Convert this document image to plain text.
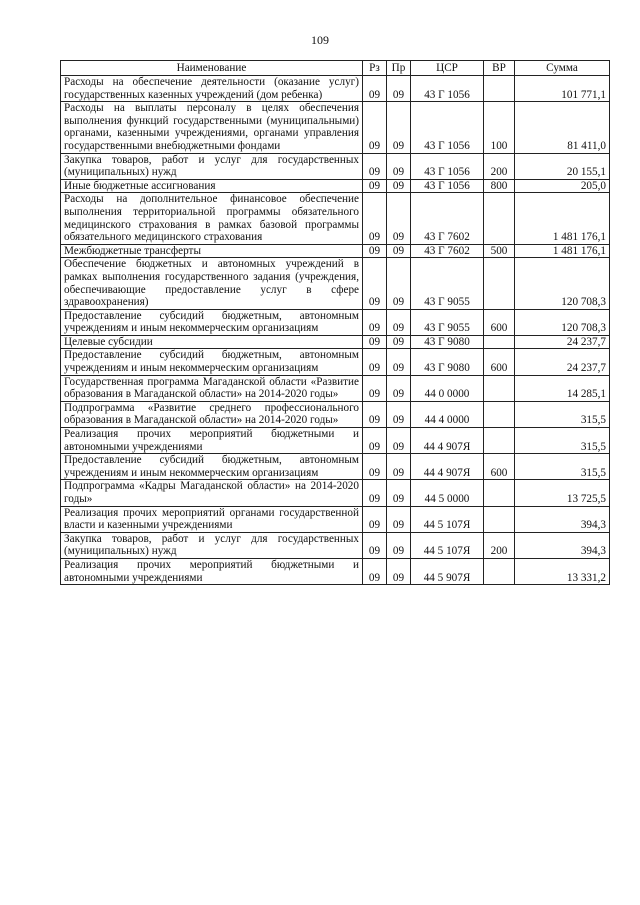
109
Наименование	Рз	Пр	ЦСР	ВР	Сумма
Расходы на обеспечение деятельности (оказание услуг) государственных казенных учреждений (дом ребенка)	09	09	43 Г 1056		101 771,1
Расходы на выплаты персоналу в целях обеспечения выполнения функций государственными (муниципальными) органами, казенными учреждениями, органами управления государственными внебюджетными фондами	09	09	43 Г 1056	100	81 411,0
Закупка товаров, работ и услуг для государственных (муниципальных) нужд	09	09	43 Г 1056	200	20 155,1
Иные бюджетные ассигнования	09	09	43 Г 1056	800	205,0
Расходы на дополнительное финансовое обеспечение выполнения территориальной программы обязательного медицинского страхования в рамках базовой программы обязательного медицинского страхования	09	09	43 Г 7602		1 481 176,1
Межбюджетные трансферты	09	09	43 Г 7602	500	1 481 176,1
Обеспечение бюджетных и автономных учреждений в рамках выполнения государственного задания (учреждения, обеспечивающие предоставление услуг в сфере здравоохранения)	09	09	43 Г 9055		120 708,3
Предоставление субсидий бюджетным, автономным учреждениям и иным некоммерческим организациям	09	09	43 Г 9055	600	120 708,3
Целевые субсидии	09	09	43 Г 9080		24 237,7
Предоставление субсидий бюджетным, автономным учреждениям и иным некоммерческим организациям	09	09	43 Г 9080	600	24 237,7
Государственная программа Магаданской области «Развитие образования в Магаданской области» на 2014-2020 годы»	09	09	44 0 0000		14 285,1
Подпрограмма «Развитие среднего профессионального образования в Магаданской области» на 2014-2020 годы»	09	09	44 4 0000		315,5
Реализация прочих мероприятий бюджетными и автономными учреждениями	09	09	44 4 907Я		315,5
Предоставление субсидий бюджетным, автономным учреждениям и иным некоммерческим организациям	09	09	44 4 907Я	600	315,5
Подпрограмма «Кадры Магаданской области» на 2014-2020 годы»	09	09	44 5 0000		13 725,5
Реализация прочих мероприятий органами государственной власти и казенными учреждениями	09	09	44 5 107Я		394,3
Закупка товаров, работ и услуг для государственных (муниципальных) нужд	09	09	44 5 107Я	200	394,3
Реализация прочих мероприятий бюджетными и автономными учреждениями	09	09	44 5 907Я		13 331,2
